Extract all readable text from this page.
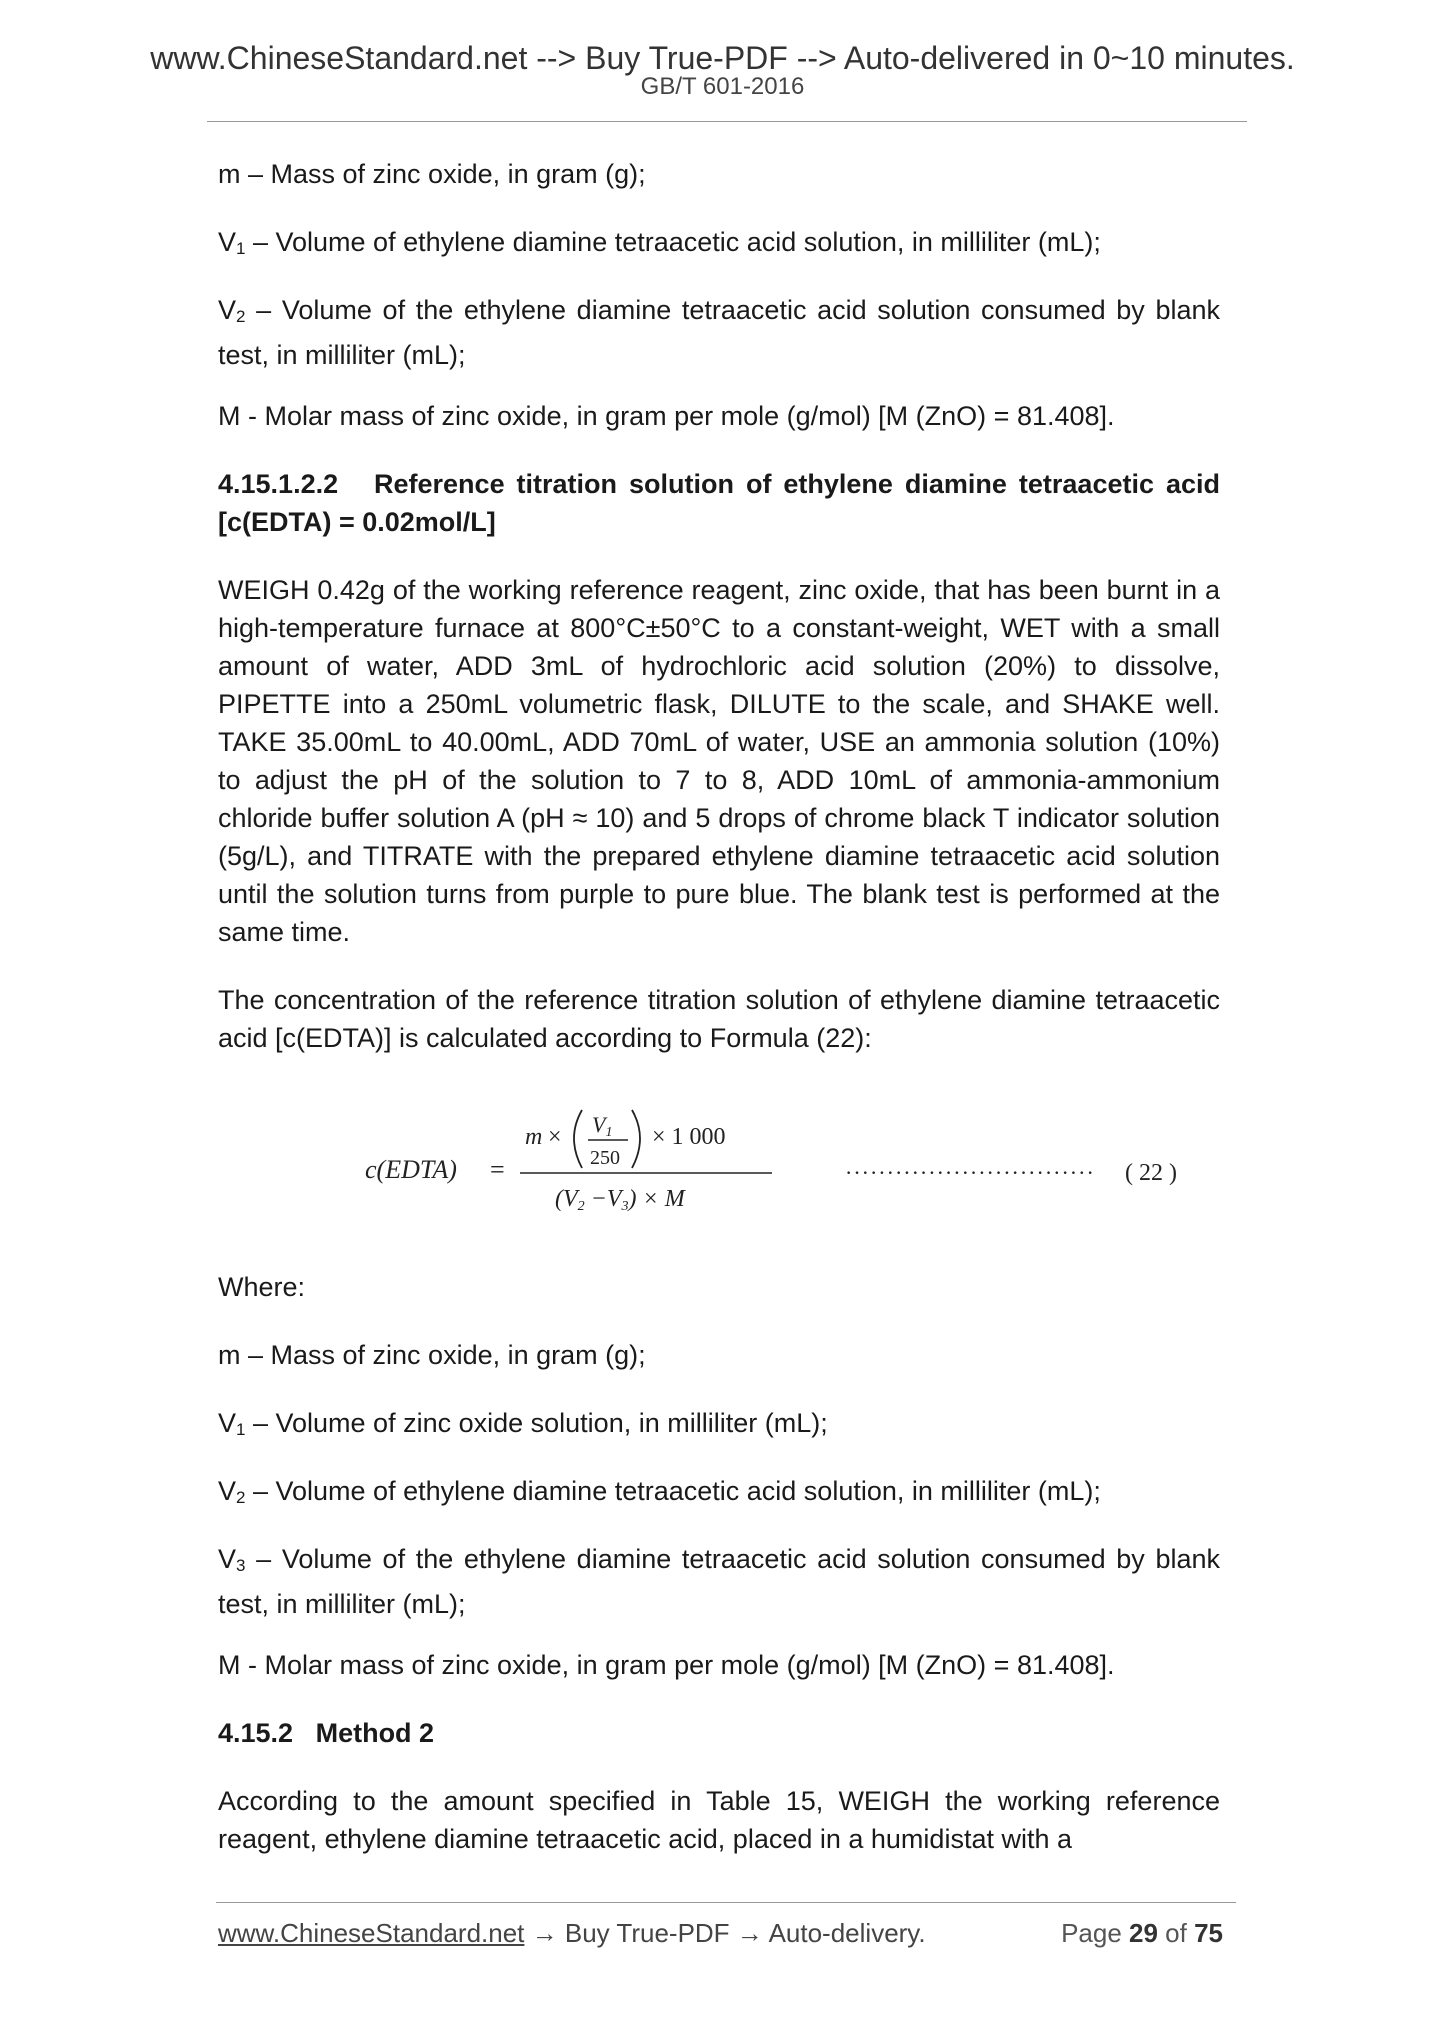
www.ChineseStandard.net --> Buy True-PDF --> Auto-delivered in 0~10 minutes.
GB/T 601-2016
m – Mass of zinc oxide, in gram (g);
V1 – Volume of ethylene diamine tetraacetic acid solution, in milliliter (mL);
V2 – Volume of the ethylene diamine tetraacetic acid solution consumed by blank test, in milliliter (mL);
M - Molar mass of zinc oxide, in gram per mole (g/mol) [M (ZnO) = 81.408].
4.15.1.2.2   Reference titration solution of ethylene diamine tetraacetic acid [c(EDTA) = 0.02mol/L]
WEIGH 0.42g of the working reference reagent, zinc oxide, that has been burnt in a high-temperature furnace at 800°C±50°C to a constant-weight, WET with a small amount of water, ADD 3mL of hydrochloric acid solution (20%) to dissolve, PIPETTE into a 250mL volumetric flask, DILUTE to the scale, and SHAKE well. TAKE 35.00mL to 40.00mL, ADD 70mL of water, USE an ammonia solution (10%) to adjust the pH of the solution to 7 to 8, ADD 10mL of ammonia-ammonium chloride buffer solution A (pH ≈ 10) and 5 drops of chrome black T indicator solution (5g/L), and TITRATE with the prepared ethylene diamine tetraacetic acid solution until the solution turns from purple to pure blue. The blank test is performed at the same time.
The concentration of the reference titration solution of ethylene diamine tetraacetic acid [c(EDTA)] is calculated according to Formula (22):
c(EDTA) =
m × V1
250
× 1 000
(V2 −V3) × M
······························ ( 22 )
Where:
m – Mass of zinc oxide, in gram (g);
V1 – Volume of zinc oxide solution, in milliliter (mL);
V2 – Volume of ethylene diamine tetraacetic acid solution, in milliliter (mL);
V3 – Volume of the ethylene diamine tetraacetic acid solution consumed by blank test, in milliliter (mL);
M - Molar mass of zinc oxide, in gram per mole (g/mol) [M (ZnO) = 81.408].
4.15.2   Method 2
According to the amount specified in Table 15, WEIGH the working reference reagent, ethylene diamine tetraacetic acid, placed in a humidistat with a
www.ChineseStandard.net → Buy True-PDF → Auto-delivery.	Page 29 of 75
